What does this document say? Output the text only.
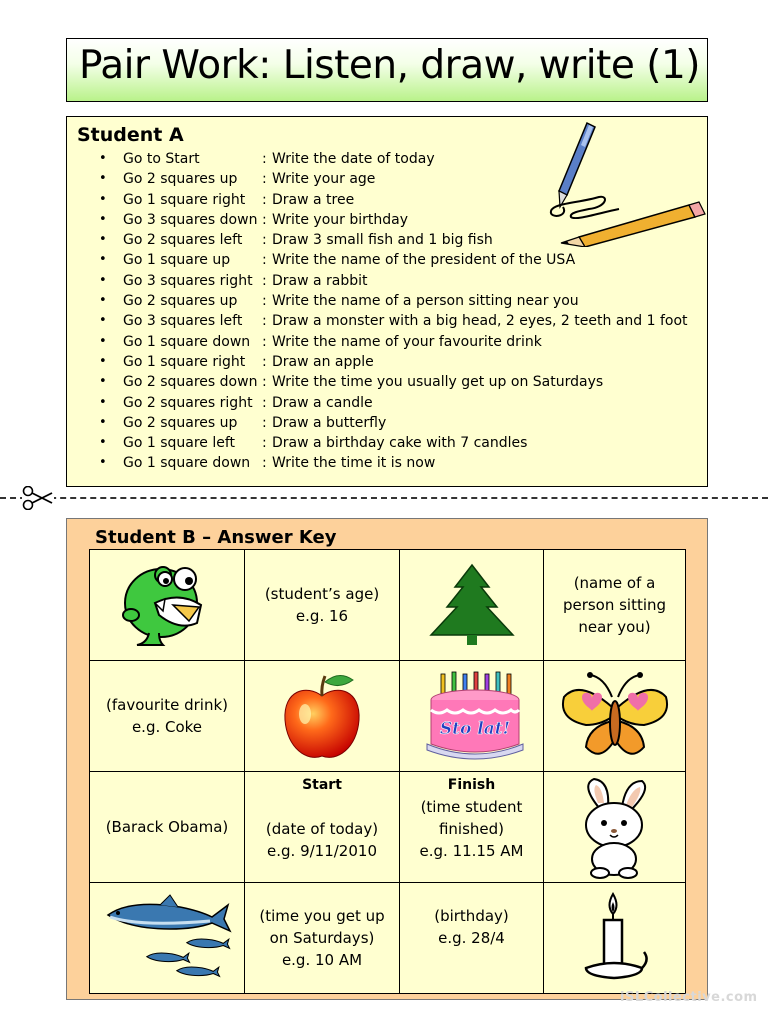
Pair Work: Listen, draw, write (1)
Student A
• Go to Start	: Write the date of today
• Go 2 squares up : Write your age
• Go 1 square right : Draw a tree
• Go 3 squares down : Write your birthday
• Go 2 squares left : Draw 3 small fish and 1 big fish
• Go 1 square up : Write the name of the president of the USA
• Go 3 squares right : Draw a rabbit
• Go 2 squares up : Write the name of a person sitting near you
• Go 3 squares left : Draw a monster with a big head, 2 eyes, 2 teeth and 1 foot
• Go 1 square down : Write the name of your favourite drink
• Go 1 square right : Draw an apple
• Go 2 squares down : Write the time you usually get up on Saturdays
• Go 2 squares right : Draw a candle
• Go 2 squares up : Draw a butterfly
• Go 1 square left : Draw a birthday cake with 7 candles
• Go 1 square down : Write the time it is now
Student B – Answer Key
(student’s age)
e.g. 16
(name of a
person sitting
near you)
(favourite drink)
e.g. Coke	Sto lat!
(Barack Obama)
Start
(date of today)
e.g. 9/11/2010
Finish
(time student
finished)
e.g. 11.15 AM
(time you get up
on Saturdays)
e.g. 10 AM
(birthday)
e.g. 28/4
iSLCollective.com
